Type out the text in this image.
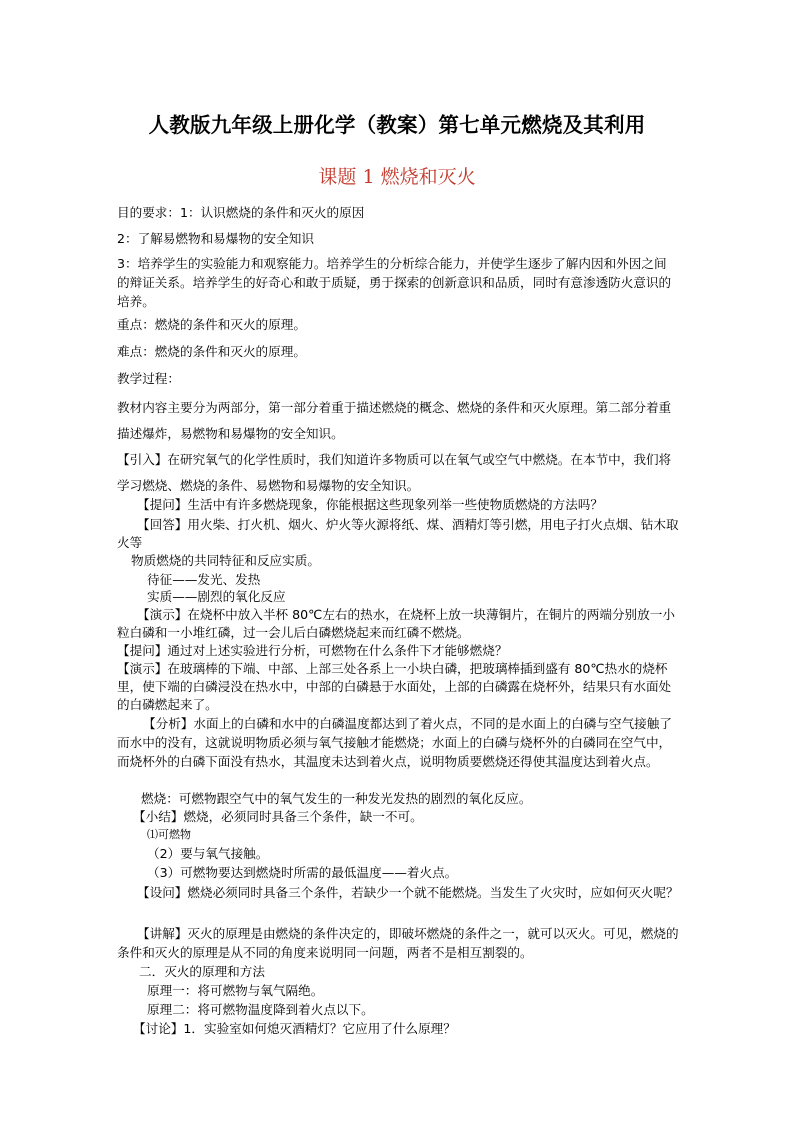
人教版九年级上册化学（教案）第七单元燃烧及其利用
课题 1 燃烧和灭火
目的要求：1：认识燃烧的条件和灭火的原因
2：了解易燃物和易爆物的安全知识
3：培养学生的实验能力和观察能力。培养学生的分析综合能力，并使学生逐步了解内因和外因之间的辩证关系。培养学生的好奇心和敢于质疑，勇于探索的创新意识和品质，同时有意渗透防火意识的培养。
重点：燃烧的条件和灭火的原理。
难点：燃烧的条件和灭火的原理。
教学过程：
教材内容主要分为两部分，第一部分着重于描述燃烧的概念、燃烧的条件和灭火原理。第二部分着重描述爆炸，易燃物和易爆物的安全知识。
【引入】在研究氧气的化学性质时，我们知道许多物质可以在氧气或空气中燃烧。在本节中，我们将学习燃烧、燃烧的条件、易燃物和易爆物的安全知识。
【提问】生活中有许多燃烧现象，你能根据这些现象列举一些使物质燃烧的方法吗？
【回答】用火柴、打火机、烟火、炉火等火源将纸、煤、酒精灯等引燃，用电子打火点烟、钻木取火等
物质燃烧的共同特征和反应实质。
待征——发光、发热
实质——剧烈的氧化反应
【演示】在烧杯中放入半杯 80℃左右的热水，在烧杯上放一块薄铜片，在铜片的两端分别放一小粒白磷和一小堆红磷，过一会儿后白磷燃烧起来而红磷不燃烧。
【提问】通过对上述实验进行分析，可燃物在什么条件下才能够燃烧？
【演示】在玻璃棒的下端、中部、上部三处各系上一小块白磷，把玻璃棒插到盛有 80℃热水的烧杯里，使下端的白磷浸没在热水中，中部的白磷悬于水面处，上部的白磷露在烧杯外，结果只有水面处的白磷燃起来了。
【分析】水面上的白磷和水中的白磷温度都达到了着火点，不同的是水面上的白磷与空气接触了而水中的没有，这就说明物质必须与氧气接触才能燃烧；水面上的白磷与烧杯外的白磷同在空气中，而烧杯外的白磷下面没有热水，其温度未达到着火点，说明物质要燃烧还得使其温度达到着火点。
燃烧：可燃物跟空气中的氧气发生的一种发光发热的剧烈的氧化反应。
【小结】燃烧，必须同时具备三个条件，缺一不可。
⑴可燃物
（2）要与氧气接触。
（3）可燃物要达到燃烧时所需的最低温度——着火点。
【设问】燃烧必须同时具备三个条件，若缺少一个就不能燃烧。当发生了火灾时，应如何灭火呢？
【讲解】灭火的原理是由燃烧的条件决定的，即破坏燃烧的条件之一，就可以灭火。可见，燃烧的条件和灭火的原理是从不同的角度来说明同一问题，两者不是相互割裂的。
二．灭火的原理和方法
原理一：将可燃物与氧气隔绝。
原理二：将可燃物温度降到着火点以下。
【讨论】1．实验室如何熄灭酒精灯？它应用了什么原理？
